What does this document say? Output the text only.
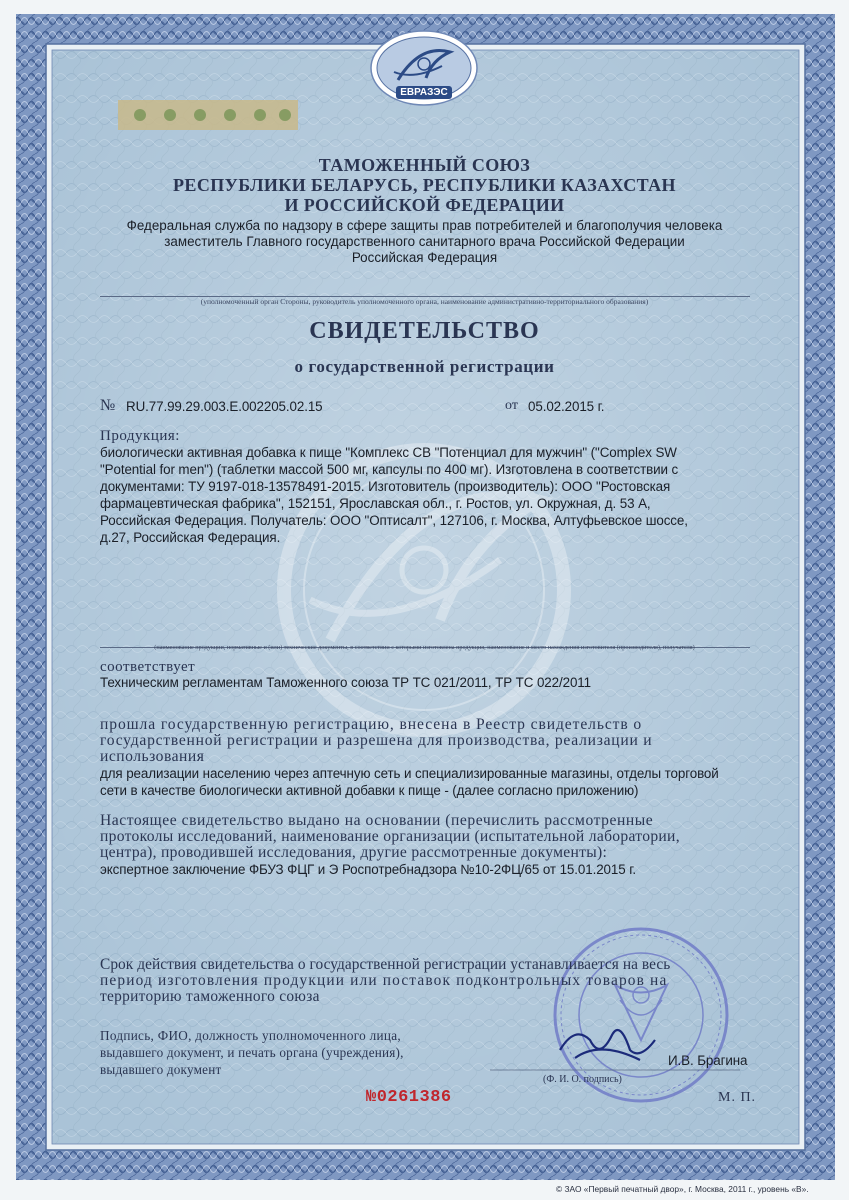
ЕВРАЗЭС
ТАМОЖЕННЫЙ СОЮЗ
РЕСПУБЛИКИ БЕЛАРУСЬ, РЕСПУБЛИКИ КАЗАХСТАН
И РОССИЙСКОЙ ФЕДЕРАЦИИ
Федеральная служба по надзору в сфере защиты прав потребителей и благополучия человека
заместитель Главного государственного санитарного врача Российской Федерации
Российская Федерация
(уполномоченный орган Стороны, руководитель уполномоченного органа, наименование административно-территориального образования)
СВИДЕТЕЛЬСТВО
о государственной регистрации
№ RU.77.99.29.003.Е.002205.02.15	от 05.02.2015 г.
Продукция:
биологически активная добавка к пище "Комплекс СВ "Потенциал для мужчин" ("Complex SW
"Potential for men") (таблетки массой 500 мг, капсулы по 400 мг). Изготовлена в соответствии с
документами: ТУ 9197-018-13578491-2015. Изготовитель (производитель): ООО "Ростовская
фармацевтическая фабрика", 152151, Ярославская обл., г. Ростов, ул. Окружная, д. 53 А,
Российская Федерация. Получатель: ООО "Оптисалт", 127106, г. Москва, Алтуфьевское шоссе,
д.27, Российская Федерация.
(наименование продукции, нормативные и (или) технические документы, в соответствии с которыми изготовлена продукция, наименование и место нахождения изготовителя (производителя), получателя)
соответствует
Техническим регламентам Таможенного союза ТР ТС 021/2011, ТР ТС 022/2011
прошла государственную регистрацию, внесена в Реестр свидетельств о
государственной регистрации и разрешена для производства, реализации и
использования
для реализации населению через аптечную сеть и специализированные магазины, отделы торговой
сети в качестве биологически активной добавки к пище - (далее согласно приложению)
Настоящее свидетельство выдано на основании (перечислить рассмотренные
протоколы исследований, наименование организации (испытательной лаборатории,
центра), проводившей исследования, другие рассмотренные документы):
экспертное заключение ФБУЗ ФЦГ и Э Роспотребнадзора №10-2ФЦ/65 от 15.01.2015 г.
Срок действия свидетельства о государственной регистрации устанавливается на весь
период изготовления продукции или поставок подконтрольных товаров на
территорию таможенного союза
Подпись, ФИО, должность уполномоченного лица,
выдавшего документ, и печать органа (учреждения),
выдавшего документ
И.В. Брагина
(Ф. И. О. подпись)
М. П.
№0261386
© ЗАО «Первый печатный двор», г. Москва, 2011 г., уровень «В».
